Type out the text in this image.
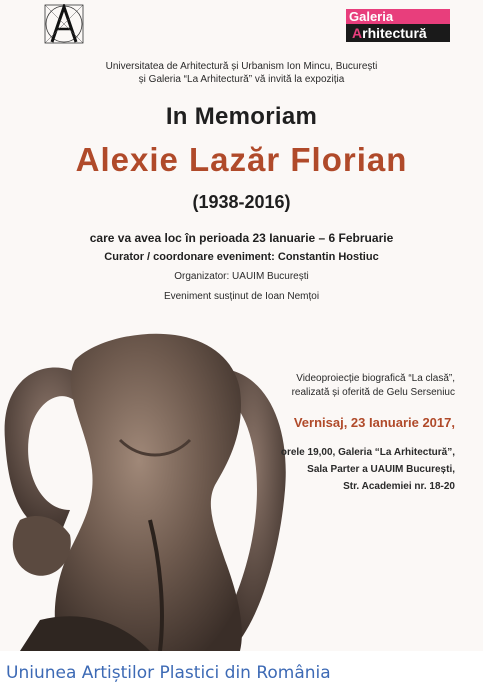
Galeria
Arhitectură
Universitatea de Arhitectură și Urbanism Ion Mincu, București
și Galeria “La Arhitectură” vă invită la expoziția
In Memoriam
Alexie Lazăr Florian
(1938-2016)
care va avea loc în perioada 23 Ianuarie – 6 Februarie
Curator / coordonare eveniment: Constantin Hostiuc
Organizator: UAUIM București
Eveniment susținut de Ioan Nemțoi
Videoproiecție biografică “La clasă”,
realizată și oferită de Gelu Serseniuc
Vernisaj, 23 Ianuarie 2017,
orele 19,00, Galeria “La Arhitectură”,
Sala Parter a UAUIM București,
Str. Academiei nr. 18-20
Uniunea Artiștilor Plastici din România
